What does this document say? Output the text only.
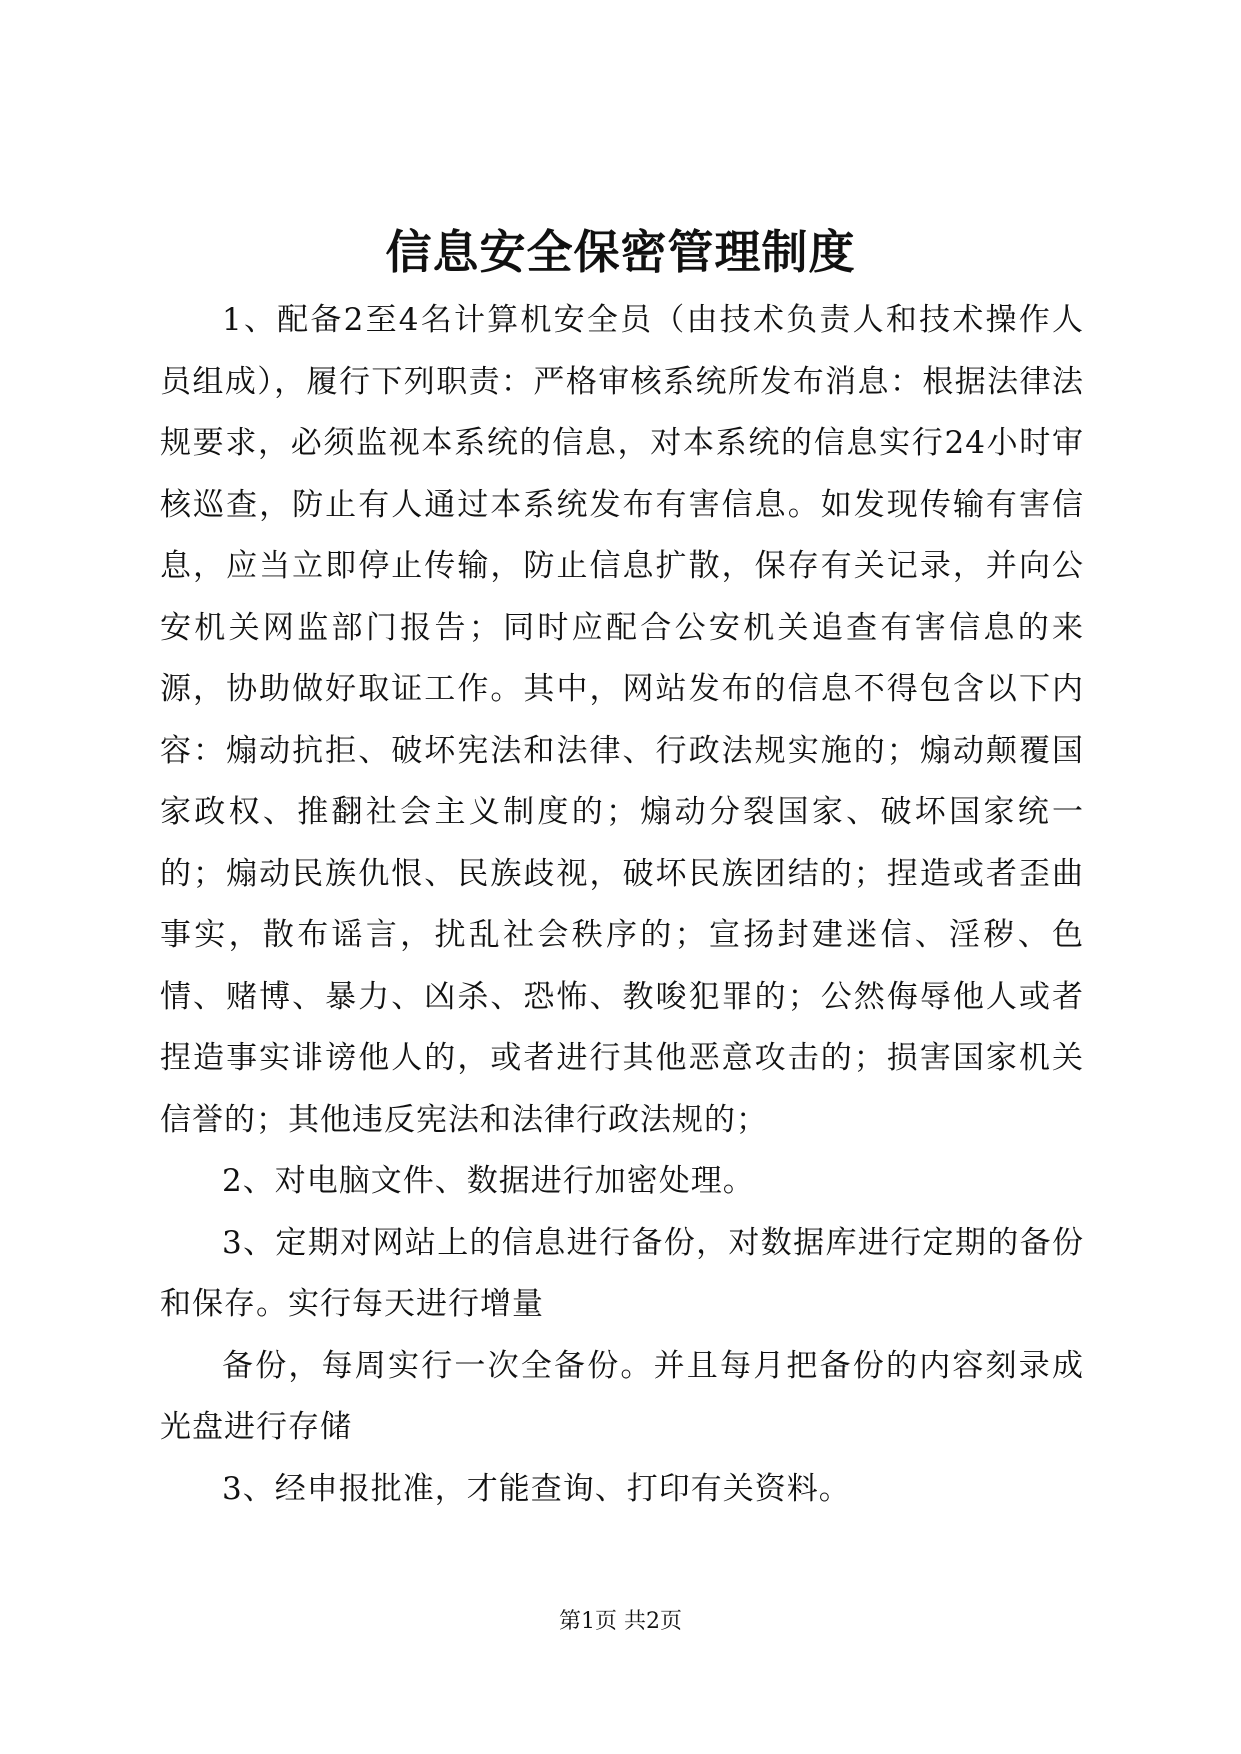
信息安全保密管理制度

1、配备2至4名计算机安全员（由技术负责人和技术操作人员组成），履行下列职责：严格审核系统所发布消息：根据法律法规要求，必须监视本系统的信息，对本系统的信息实行24小时审核巡查，防止有人通过本系统发布有害信息。如发现传输有害信息，应当立即停止传输，防止信息扩散，保存有关记录，并向公安机关网监部门报告；同时应配合公安机关追查有害信息的来源，协助做好取证工作。其中，网站发布的信息不得包含以下内容：煽动抗拒、破坏宪法和法律、行政法规实施的；煽动颠覆国家政权、推翻社会主义制度的；煽动分裂国家、破坏国家统一的；煽动民族仇恨、民族歧视，破坏民族团结的；捏造或者歪曲事实，散布谣言，扰乱社会秩序的；宣扬封建迷信、淫秽、色情、赌博、暴力、凶杀、恐怖、教唆犯罪的；公然侮辱他人或者捏造事实诽谤他人的，或者进行其他恶意攻击的；损害国家机关信誉的；其他违反宪法和法律行政法规的；

2、对电脑文件、数据进行加密处理。

3、定期对网站上的信息进行备份，对数据库进行定期的备份和保存。实行每天进行增量

备份，每周实行一次全备份。并且每月把备份的内容刻录成光盘进行存储

3、经申报批准，才能查询、打印有关资料。

第1页 共2页
